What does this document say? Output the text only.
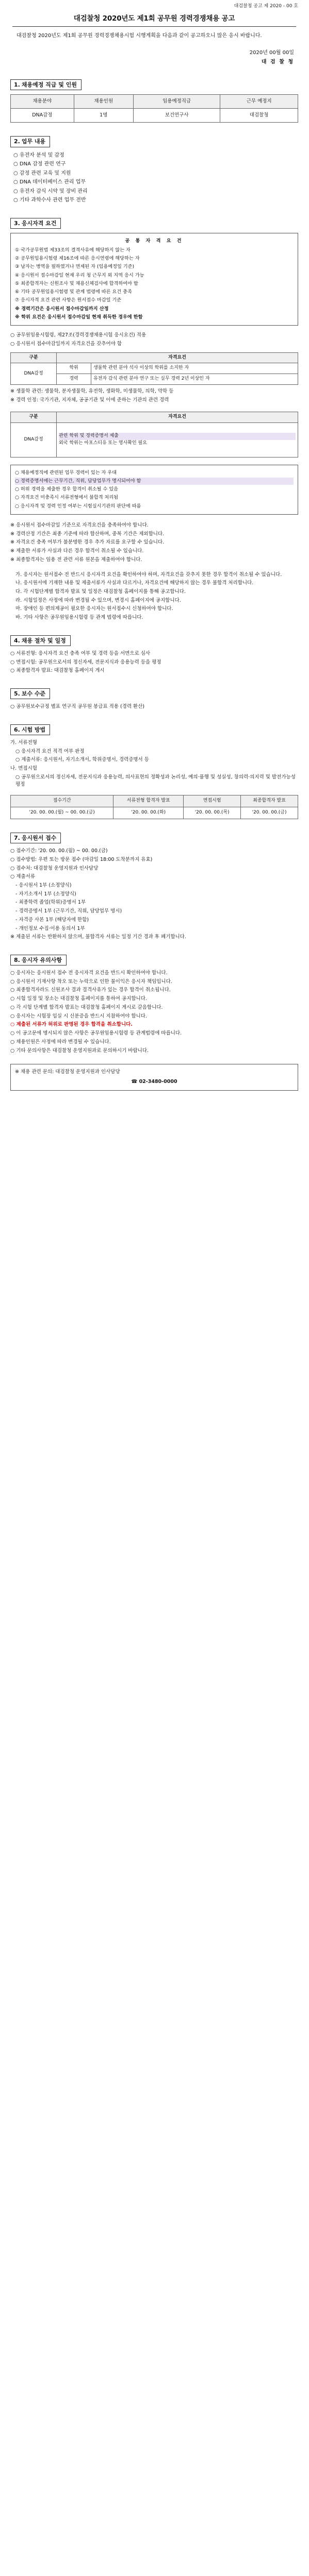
대검찰청 공고 제 2020 - 00 호
대검찰청 2020년도 제1회 공무원 경력경쟁채용 공고
대검찰청 2020년도 제1회 공무원 경력경쟁채용시험 시행계획을 다음과 같이 공고하오니 많은 응시 바랍니다.
2020년 00월 00일
대 검 찰 청
1. 채용예정 직급 및 인원
채용분야	채용인원	임용예정직급	근무 예정지
DNA감정	1명	보건연구사	대검찰청
2. 업무 내용
○ 유전자 분석 및 감정
○ DNA 감정 관련 연구
○ 감정 관련 교육 및 지원
○ DNA 데이터베이스 관리 업무
○ 유전자 감식 시약 및 장비 관리
○ 기타 과학수사 관련 업무 전반
3. 응시자격 요건
공 통 자 격 요 건

① 국가공무원법 제33조의 결격사유에 해당하지 않는 자

② 공무원임용시험령 제16조에 따른 응시연령에 해당하는 자

③ 남자는 병역을 필하였거나 면제된 자 (임용예정일 기준)

④ 응시원서 접수마감일 현재 우리 청 근무지 외 지역 응시 가능

⑤ 최종합격자는 신원조사 및 채용신체검사에 합격하여야 함

⑥ 기타 공무원임용시험령 및 관계 법령에 따른 요건 충족

⑦ 응시자격 요건 관련 사항은 원서접수 마감일 기준

※ 경력기간은 응시원서 접수마감일까지 산정

※ 학위 요건은 응시원서 접수마감일 현재 취득한 경우에 한함

○ 공무원임용시험령, 제27조(경력경쟁채용시험 응시요건) 적용

○ 응시원서 접수마감일까지 자격요건을 갖추어야 함

구분	자격요건	
DNA감정	학위	생물학 관련 분야 석사 이상의 학위를 소지한 자
	경력	유전자 감식 관련 분야 연구 또는 실무 경력 2년 이상인 자

※ 생물학 관련: 생물학, 분자생물학, 유전학, 생화학, 미생물학, 의학, 약학 등

※ 경력 인정: 국가기관, 지자체, 공공기관 및 이에 준하는 기관의 관련 경력

구분	자격요건
DNA감정	관련 학위 및 경력증명서 제출
외국 학위는 아포스티유 또는 영사확인 필요

○ 채용예정직에 관련된 업무 경력이 있는 자 우대

○ 경력증명서에는 근무기간, 직위, 담당업무가 명시되어야 함

○ 허위 경력을 제출한 경우 합격이 취소될 수 있음

○ 자격요건 미충족시 서류전형에서 불합격 처리됨

○ 응시자격 및 경력 인정 여부는 시험실시기관의 판단에 따름

※ 응시원서 접수마감일 기준으로 자격요건을 충족하여야 합니다.

※ 경력산정 기간은 최종 기준에 따라 합산하며, 중복 기간은 제외합니다.

※ 자격요건 충족 여부가 불분명한 경우 추가 자료를 요구할 수 있습니다.

※ 제출한 서류가 사실과 다른 경우 합격이 취소될 수 있습니다.

※ 최종합격자는 임용 전 관련 서류 원본을 제출하여야 합니다.

가. 응시자는 원서접수 전 반드시 응시자격 요건을 확인하여야 하며, 자격요건을 갖추지 못한 경우 합격이 취소될 수 있습니다.

나. 응시원서에 기재한 내용 및 제출서류가 사실과 다르거나, 자격요건에 해당하지 않는 경우 불합격 처리합니다.

다. 각 시험단계별 합격자 발표 및 일정은 대검찰청 홈페이지를 통해 공고합니다.

라. 시험일정은 사정에 따라 변경될 수 있으며, 변경시 홈페이지에 공지합니다.

마. 장애인 등 편의제공이 필요한 응시자는 원서접수시 신청하여야 합니다.

바. 기타 사항은 공무원임용시험령 등 관계 법령에 따릅니다.

4. 채용 절차 및 일정

○ 서류전형: 응시자격 요건 충족 여부 및 경력 등을 서면으로 심사

○ 면접시험: 공무원으로서의 정신자세, 전문지식과 응용능력 등을 평정

○ 최종합격자 발표: 대검찰청 홈페이지 게시

5. 보수 수준

○ 공무원보수규정 별표 연구직 공무원 봉급표 적용 (경력 환산)

6. 시험 방법

가. 서류전형

○ 응시자격 요건 적격 여부 판정

○ 제출서류: 응시원서, 자기소개서, 학위증명서, 경력증명서 등

나. 면접시험

○ 공무원으로서의 정신자세, 전문지식과 응용능력, 의사표현의 정확성과 논리성, 예의·품행 및 성실성, 창의력·의지력 및 발전가능성 평정

접수기간	서류전형 합격자 발표	면접시험	최종합격자 발표
'20. 00. 00.(월) ~ 00. 00.(금)	'20. 00. 00.(화)	'20. 00. 00.(목)	'20. 00. 00.(금)
7. 응시원서 접수

○ 접수기간: '20. 00. 00.(월) ~ 00. 00.(금)

○ 접수방법: 우편 또는 방문 접수 (마감일 18:00 도착분까지 유효)

○ 접수처: 대검찰청 운영지원과 인사담당

○ 제출서류

- 응시원서 1부 (소정양식)

- 자기소개서 1부 (소정양식)

- 최종학력 졸업(학위)증명서 1부

- 경력증명서 1부 (근무기간, 직위, 담당업무 명시)

- 자격증 사본 1부 (해당자에 한함)

- 개인정보 수집·이용 동의서 1부

※ 제출된 서류는 반환하지 않으며, 불합격자 서류는 일정 기간 경과 후 폐기합니다.

8. 응시자 유의사항

○ 응시자는 응시원서 접수 전 응시자격 요건을 반드시 확인하여야 합니다.

○ 응시원서 기재사항 착오 또는 누락으로 인한 불이익은 응시자 책임입니다.

○ 최종합격자라도 신원조사 결과 결격사유가 있는 경우 합격이 취소됩니다.

○ 시험 일정 및 장소는 대검찰청 홈페이지를 통하여 공지합니다.

○ 각 시험 단계별 합격자 발표는 대검찰청 홈페이지 게시로 갈음합니다.

○ 응시자는 시험장 입실 시 신분증을 반드시 지참하여야 합니다.

○ 제출된 서류가 허위로 판명된 경우 합격을 취소합니다.

○ 이 공고문에 명시되지 않은 사항은 공무원임용시험령 등 관계법령에 따릅니다.

○ 채용인원은 사정에 따라 변경될 수 있습니다.

○ 기타 문의사항은 대검찰청 운영지원과로 문의하시기 바랍니다.

※ 채용 관련 문의: 대검찰청 운영지원과 인사담당
☎ 02-3480-0000
